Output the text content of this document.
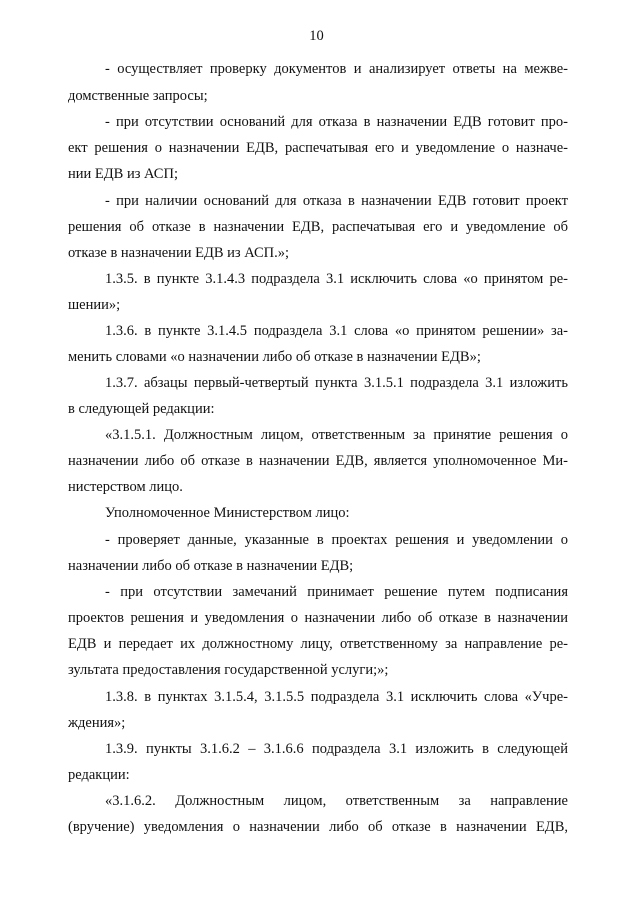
10
- осуществляет проверку документов и анализирует ответы на межве-
домственные запросы;
- при отсутствии оснований для отказа в назначении ЕДВ готовит про-
ект решения о назначении ЕДВ, распечатывая его и уведомление о назначе-
нии ЕДВ из АСП;
- при наличии оснований для отказа в назначении ЕДВ готовит проект
решения об отказе в назначении ЕДВ, распечатывая его и уведомление об
отказе в назначении ЕДВ из АСП.»;
1.3.5. в пункте 3.1.4.3 подраздела 3.1 исключить слова «о принятом ре-
шении»;
1.3.6. в пункте 3.1.4.5 подраздела 3.1 слова «о принятом решении» за-
менить словами «о назначении либо об отказе в назначении ЕДВ»;
1.3.7. абзацы первый-четвертый пункта 3.1.5.1 подраздела 3.1 изложить
в следующей редакции:
«3.1.5.1. Должностным лицом, ответственным за принятие решения о
назначении либо об отказе в назначении ЕДВ, является уполномоченное Ми-
нистерством лицо.
Уполномоченное Министерством лицо:
- проверяет данные, указанные в проектах решения и уведомлении о
назначении либо об отказе в назначении ЕДВ;
- при отсутствии замечаний принимает решение путем подписания
проектов решения и уведомления о назначении либо об отказе в назначении
ЕДВ и передает их должностному лицу, ответственному за направление ре-
зультата предоставления государственной услуги;»;
1.3.8. в пунктах 3.1.5.4, 3.1.5.5 подраздела 3.1 исключить слова «Учре-
ждения»;
1.3.9. пункты 3.1.6.2 – 3.1.6.6 подраздела 3.1 изложить в следующей
редакции:
«3.1.6.2. Должностным лицом, ответственным за направление
(вручение) уведомления о назначении либо об отказе в назначении ЕДВ,
